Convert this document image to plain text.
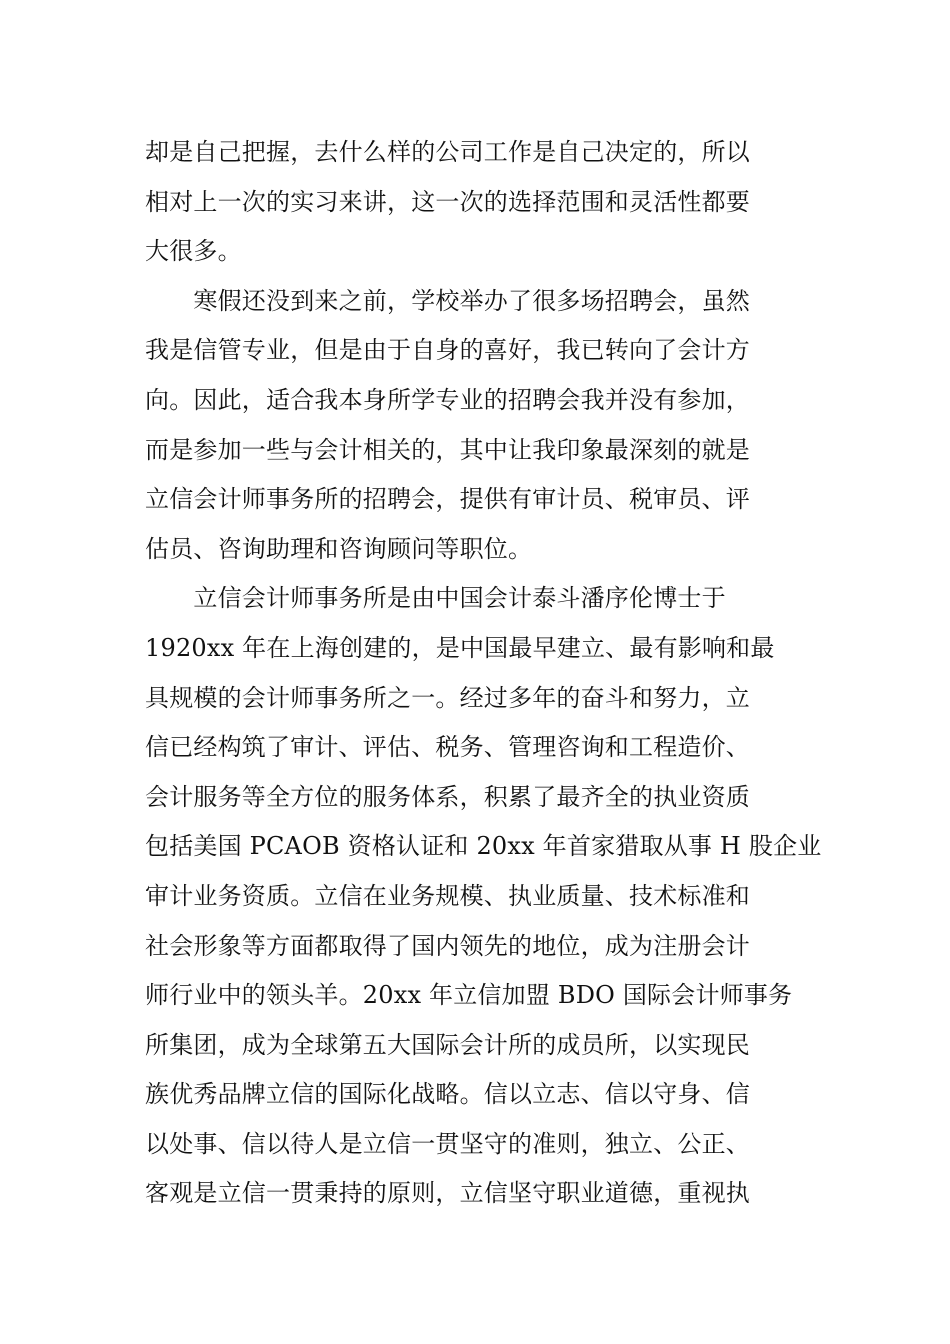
却是自己把握，去什么样的公司工作是自己决定的，所以
相对上一次的实习来讲，这一次的选择范围和灵活性都要
大很多。
　　寒假还没到来之前，学校举办了很多场招聘会，虽然
我是信管专业，但是由于自身的喜好，我已转向了会计方
向。因此，适合我本身所学专业的招聘会我并没有参加，
而是参加一些与会计相关的，其中让我印象最深刻的就是
立信会计师事务所的招聘会，提供有审计员、税审员、评
估员、咨询助理和咨询顾问等职位。
　　立信会计师事务所是由中国会计泰斗潘序伦博士于
1920xx 年在上海创建的，是中国最早建立、最有影响和最
具规模的会计师事务所之一。经过多年的奋斗和努力，立
信已经构筑了审计、评估、税务、管理咨询和工程造价、
会计服务等全方位的服务体系，积累了最齐全的执业资质
包括美国 PCAOB 资格认证和 20xx 年首家猎取从事 H 股企业
审计业务资质。立信在业务规模、执业质量、技术标准和
社会形象等方面都取得了国内领先的地位，成为注册会计
师行业中的领头羊。20xx 年立信加盟 BDO 国际会计师事务
所集团，成为全球第五大国际会计所的成员所，以实现民
族优秀品牌立信的国际化战略。信以立志、信以守身、信
以处事、信以待人是立信一贯坚守的准则，独立、公正、
客观是立信一贯秉持的原则，立信坚守职业道德，重视执
